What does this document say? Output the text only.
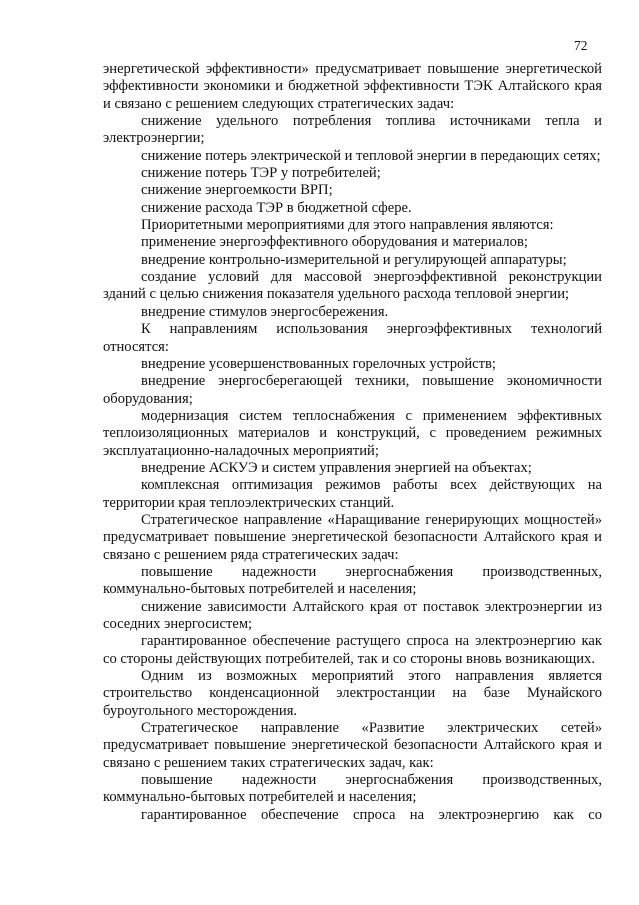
72

энергетической эффективности» предусматривает повышение энергетической эффективности экономики и бюджетной эффективности ТЭК Алтайского края и связано с решением следующих стратегических задач:

снижение удельного потребления топлива источниками тепла и электроэнергии;

снижение потерь электрической и тепловой энергии в передающих сетях;

снижение потерь ТЭР у потребителей;

снижение энергоемкости ВРП;

снижение расхода ТЭР в бюджетной сфере.

Приоритетными мероприятиями для этого направления являются:

применение энергоэффективного оборудования и материалов;

внедрение контрольно-измерительной и регулирующей аппаратуры;

создание условий для массовой энергоэффективной реконструкции зданий с целью снижения показателя удельного расхода тепловой энергии;

внедрение стимулов энергосбережения.

К направлениям использования энергоэффективных технологий относятся:

внедрение усовершенствованных горелочных устройств;

внедрение энергосберегающей техники, повышение экономичности оборудования;

модернизация систем теплоснабжения с применением эффективных теплоизоляционных материалов и конструкций, с проведением режимных эксплуатационно-наладочных мероприятий;

внедрение АСКУЭ и систем управления энергией на объектах;

комплексная оптимизация режимов работы всех действующих на территории края теплоэлектрических станций.

Стратегическое направление «Наращивание генерирующих мощностей» предусматривает повышение энергетической безопасности Алтайского края и связано с решением ряда стратегических задач:

повышение надежности энергоснабжения производственных, коммунально-бытовых потребителей и населения;

снижение зависимости Алтайского края от поставок электроэнергии из соседних энергосистем;

гарантированное обеспечение растущего спроса на электроэнергию как со стороны действующих потребителей, так и со стороны вновь возникающих.

Одним из возможных мероприятий этого направления является строительство конденсационной электростанции на базе Мунайского буроугольного месторождения.

Стратегическое направление «Развитие электрических сетей» предусматривает повышение энергетической безопасности Алтайского края и связано с решением таких стратегических задач, как:

повышение надежности энергоснабжения производственных, коммунально-бытовых потребителей и населения;

гарантированное обеспечение спроса на электроэнергию как со
